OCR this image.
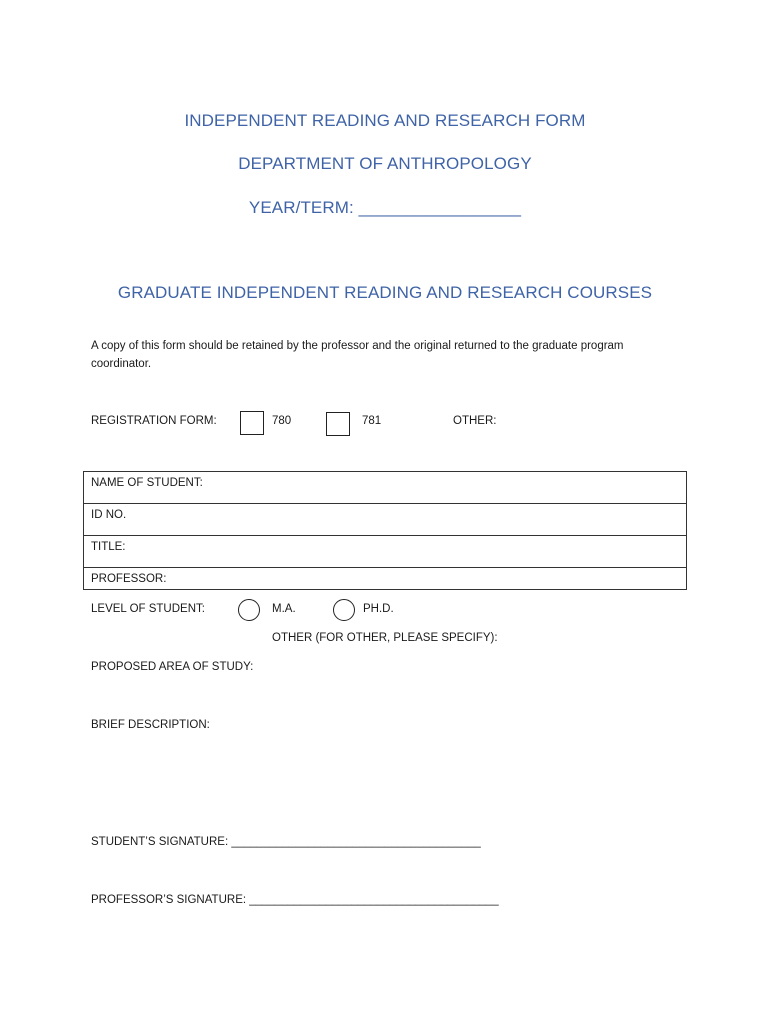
INDEPENDENT READING AND RESEARCH FORM
DEPARTMENT OF ANTHROPOLOGY
YEAR/TERM: _________________
GRADUATE INDEPENDENT READING AND RESEARCH COURSES
A copy of this form should be retained by the professor and the original returned to the graduate program coordinator.
REGISTRATION FORM:	780	781	OTHER:
NAME OF STUDENT:
ID NO.
TITLE:
PROFESSOR:
LEVEL OF STUDENT:	M.A.	PH.D.
OTHER (FOR OTHER, PLEASE SPECIFY):
PROPOSED AREA OF STUDY:
BRIEF DESCRIPTION:
STUDENT’S SIGNATURE: _______________________________________
PROFESSOR’S SIGNATURE: _______________________________________
